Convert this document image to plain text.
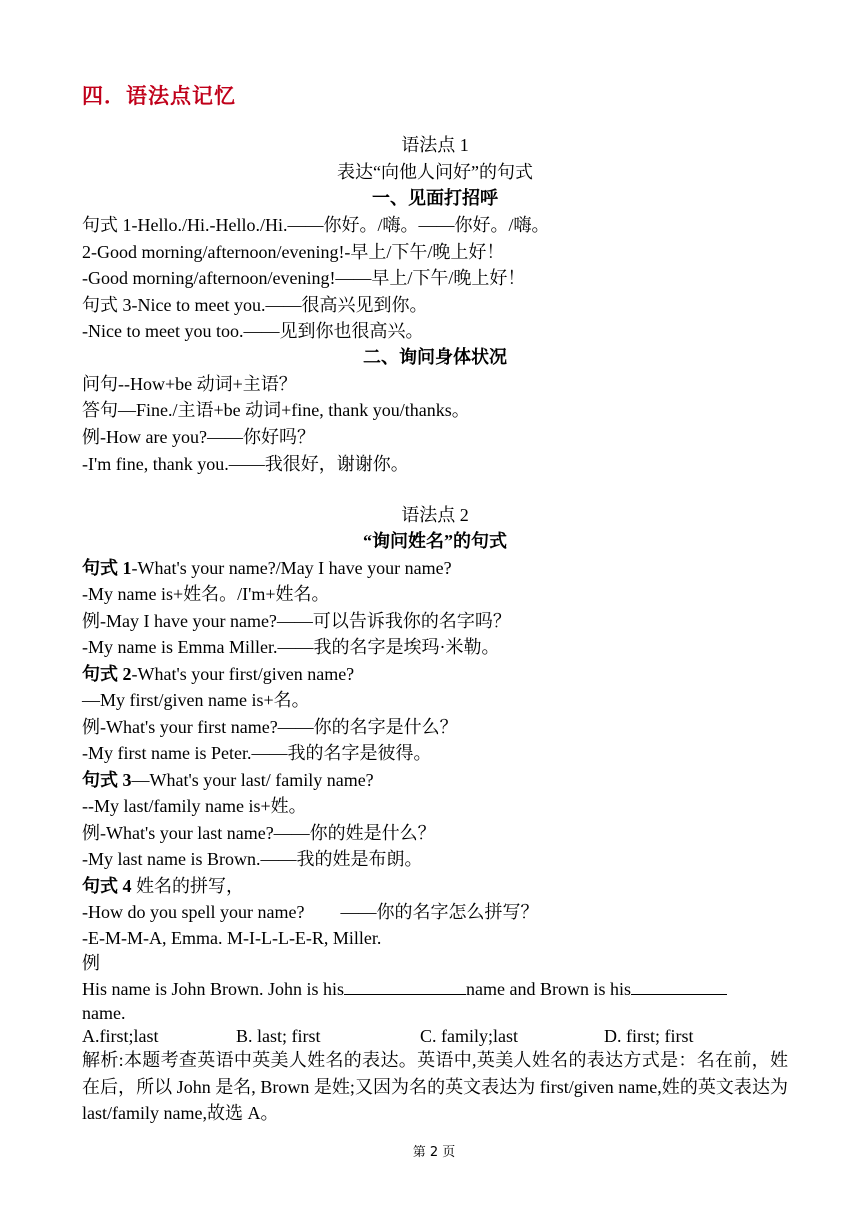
四．语法点记忆
语法点 1
表达“向他人问好”的句式
一、见面打招呼
句式 1-Hello./Hi.-Hello./Hi.——你好。/嗨。——你好。/嗨。
2-Good morning/afternoon/evening!-早上/下午/晚上好！
-Good morning/afternoon/evening!——早上/下午/晚上好！
句式 3-Nice to meet you.——很高兴见到你。
-Nice to meet you too.——见到你也很高兴。
二、询问身体状况
问句--How+be 动词+主语？
答句—Fine./主语+be 动词+fine, thank you/thanks。
例-How are you?——你好吗？
-I'm fine, thank you.——我很好，谢谢你。
语法点 2
“询问姓名”的句式
句式 1-What's your name?/May I have your name?
-My name is+姓名。/I'm+姓名。
例-May I have your name?——可以告诉我你的名字吗？
-My name is Emma Miller.——我的名字是埃玛·米勒。
句式 2-What's your first/given name?
—My first/given name is+名。
例-What's your first name?——你的名字是什么？
-My first name is Peter.——我的名字是彼得。
句式 3—What's your last/ family name?
--My last/family name is+姓。
例-What's your last name?——你的姓是什么？
-My last name is Brown.——我的姓是布朗。
句式 4 姓名的拼写，
-How do you spell your name?        ——你的名字怎么拼写？
-E-M-M-A, Emma. M-I-L-L-E-R, Miller.
例
His name is John Brown. John is his	name and Brown is his
name.
A.first;last	B. last; first	C. family;last	D. first; first
解析:本题考查英语中英美人姓名的表达。英语中,英美人姓名的表达方式是：名在前，姓在后，所以 John 是名, Brown 是姓;又因为名的英文表达为 first/given name,姓的英文表达为 last/family name,故选 A。
第 2 页
